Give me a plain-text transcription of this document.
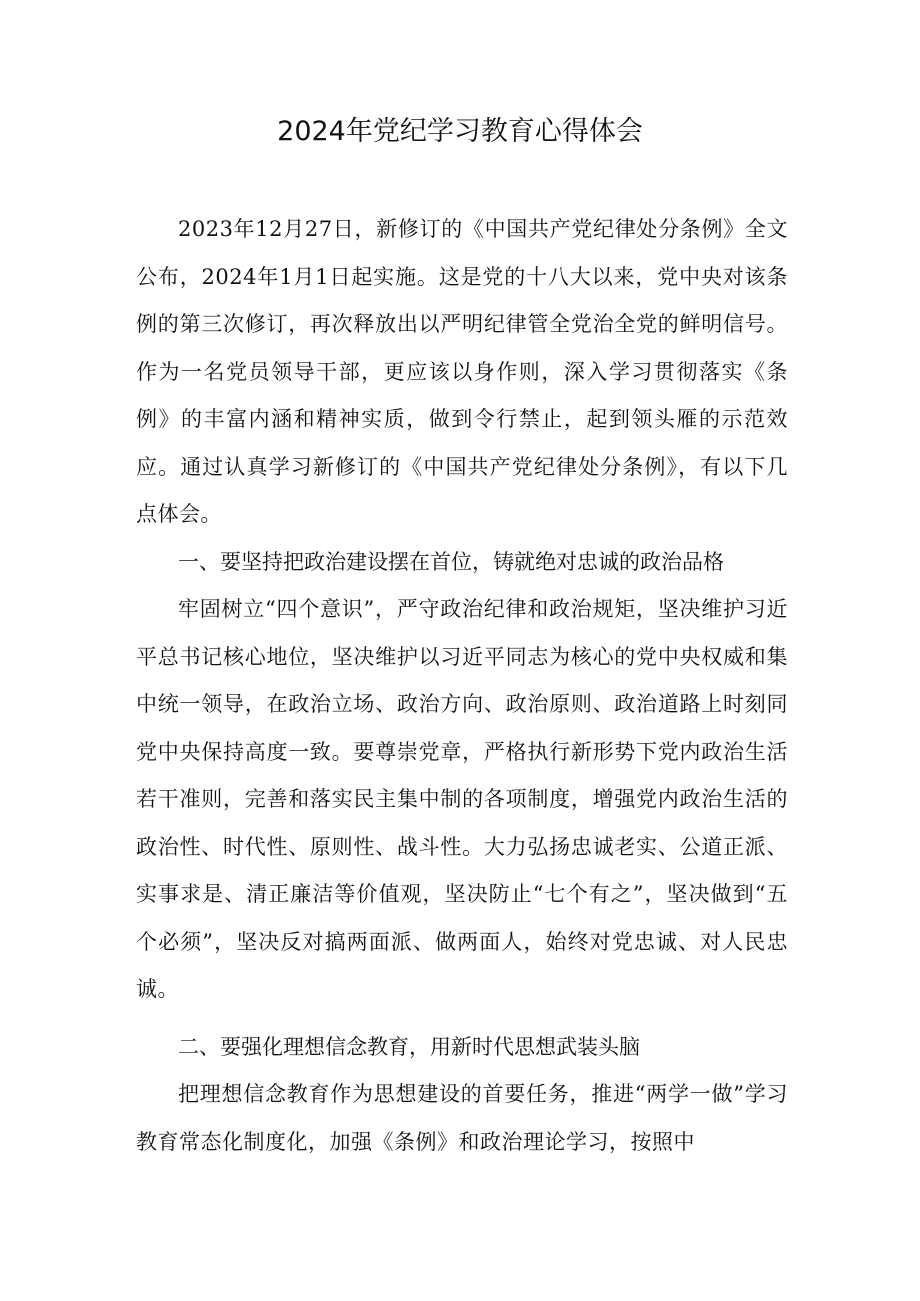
2024年党纪学习教育心得体会

2023年12月27日，新修订的《中国共产党纪律处分条例》全文公布，2024年1月1日起实施。这是党的十八大以来，党中央对该条例的第三次修订，再次释放出以严明纪律管全党治全党的鲜明信号。作为一名党员领导干部，更应该以身作则，深入学习贯彻落实《条例》的丰富内涵和精神实质，做到令行禁止，起到领头雁的示范效应。通过认真学习新修订的《中国共产党纪律处分条例》，有以下几点体会。

一、要坚持把政治建设摆在首位，铸就绝对忠诚的政治品格

牢固树立“四个意识”，严守政治纪律和政治规矩，坚决维护习近平总书记核心地位，坚决维护以习近平同志为核心的党中央权威和集中统一领导，在政治立场、政治方向、政治原则、政治道路上时刻同党中央保持高度一致。要尊崇党章，严格执行新形势下党内政治生活若干准则，完善和落实民主集中制的各项制度，增强党内政治生活的政治性、时代性、原则性、战斗性。大力弘扬忠诚老实、公道正派、实事求是、清正廉洁等价值观，坚决防止“七个有之”，坚决做到“五个必须”，坚决反对搞两面派、做两面人，始终对党忠诚、对人民忠诚。

二、要强化理想信念教育，用新时代思想武装头脑

把理想信念教育作为思想建设的首要任务，推进“两学一做”学习教育常态化制度化，加强《条例》和政治理论学习，按照中
